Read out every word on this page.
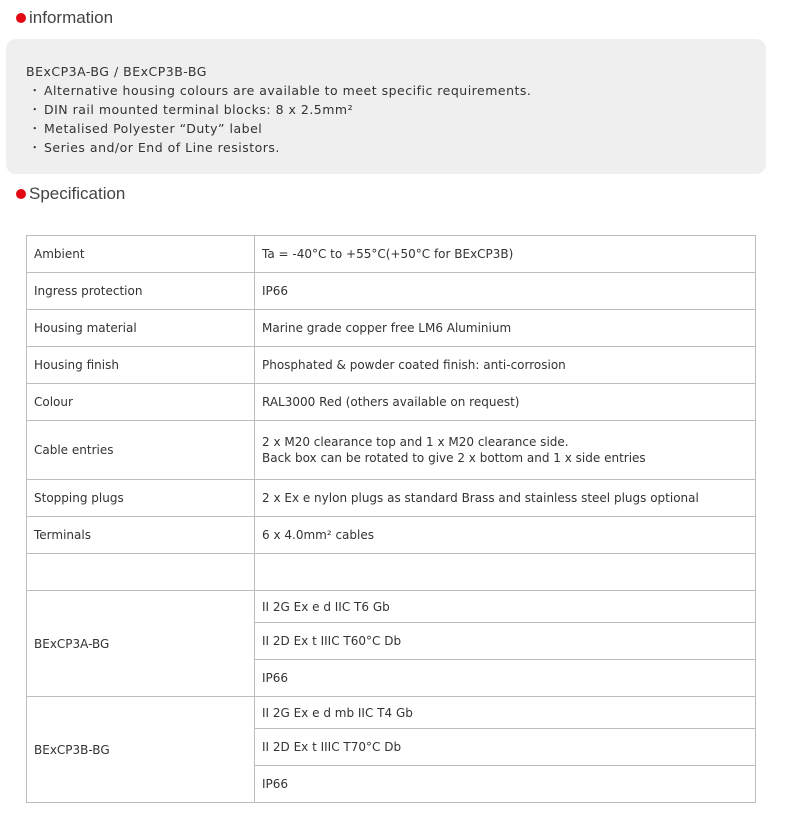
information
BExCP3A-BG / BExCP3B-BG
・ Alternative housing colours are available to meet specific requirements.
・ DIN rail mounted terminal blocks: 8 x 2.5mm²
・ Metalised Polyester “Duty” label
・ Series and/or End of Line resistors.
Specification
Ambient	Ta = -40°C to +55°C(+50°C for BExCP3B)
Ingress protection	IP66
Housing material	Marine grade copper free LM6 Aluminium
Housing finish	Phosphated & powder coated finish: anti-corrosion
Colour	RAL3000 Red (others available on request)
Cable entries	2 x M20 clearance top and 1 x M20 clearance side.
Back box can be rotated to give 2 x bottom and 1 x side entries

Stopping plugs	2 x Ex e nylon plugs as standard Brass and stainless steel plugs optional
Terminals	6 x 4.0mm² cables

BExCP3A-BG	II 2G Ex e d IIC T6 Gb
	II 2D Ex t IIIC T60°C Db
	IP66
BExCP3B-BG	II 2G Ex e d mb IIC T4 Gb
	II 2D Ex t IIIC T70°C Db
	IP66
